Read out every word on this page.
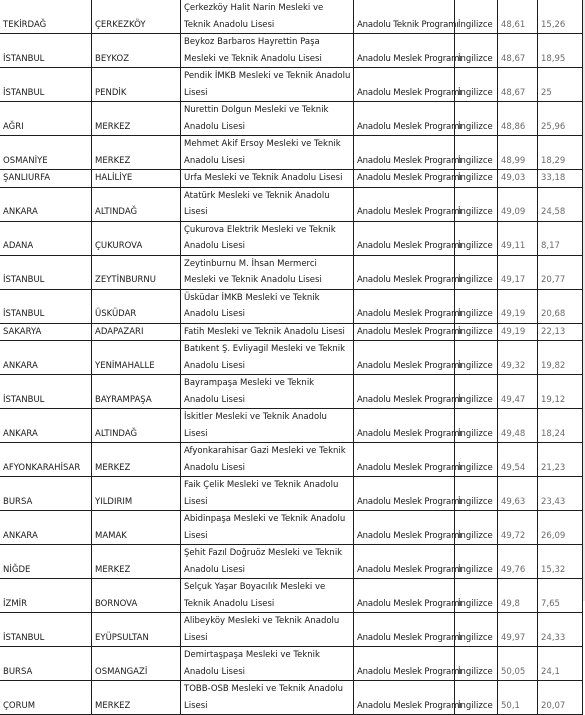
TEKİRDAĞ	ÇERKEZKÖY	Çerkezköy Halit Narin Mesleki ve Teknik Anadolu Lisesi	Anadolu Teknik Programı	İngilizce	48,61	15,26
İSTANBUL	BEYKOZ	Beykoz Barbaros Hayrettin Paşa Mesleki ve Teknik Anadolu Lisesi	Anadolu Meslek Programı	İngilizce	48,67	18,95
İSTANBUL	PENDİK	Pendik İMKB Mesleki ve Teknik Anadolu Lisesi	Anadolu Meslek Programı	İngilizce	48,67	25
AĞRI	MERKEZ	Nurettin Dolgun Mesleki ve Teknik Anadolu Lisesi	Anadolu Meslek Programı	İngilizce	48,86	25,96
OSMANİYE	MERKEZ	Mehmet Akif Ersoy Mesleki ve Teknik Anadolu Lisesi	Anadolu Meslek Programı	İngilizce	48,99	18,29
ŞANLIURFA	HALİLİYE	Urfa Mesleki ve Teknik Anadolu Lisesi	Anadolu Meslek Programı	İngilizce	49,03	33,18
ANKARA	ALTINDAĞ	Atatürk Mesleki ve Teknik Anadolu Lisesi	Anadolu Meslek Programı	İngilizce	49,09	24,58
ADANA	ÇUKUROVA	Çukurova Elektrik Mesleki ve Teknik Anadolu Lisesi	Anadolu Meslek Programı	İngilizce	49,11	8,17
İSTANBUL	ZEYTİNBURNU	Zeytinburnu M. İhsan Mermerci Mesleki ve Teknik Anadolu Lisesi	Anadolu Meslek Programı	İngilizce	49,17	20,77
İSTANBUL	ÜSKÜDAR	Üsküdar İMKB Mesleki ve Teknik Anadolu Lisesi	Anadolu Meslek Programı	İngilizce	49,19	20,68
SAKARYA	ADAPAZARI	Fatih Mesleki ve Teknik Anadolu Lisesi	Anadolu Meslek Programı	İngilizce	49,19	22,13
ANKARA	YENİMAHALLE	Batıkent Ş. Evliyagil Mesleki ve Teknik Anadolu Lisesi	Anadolu Meslek Programı	İngilizce	49,32	19,82
İSTANBUL	BAYRAMPAŞA	Bayrampaşa Mesleki ve Teknik Anadolu Lisesi	Anadolu Meslek Programı	İngilizce	49,47	19,12
ANKARA	ALTINDAĞ	İskitler Mesleki ve Teknik Anadolu Lisesi	Anadolu Meslek Programı	İngilizce	49,48	18,24
AFYONKARAHİSAR	MERKEZ	Afyonkarahisar Gazi Mesleki ve Teknik Anadolu Lisesi	Anadolu Meslek Programı	İngilizce	49,54	21,23
BURSA	YILDIRIM	Faik Çelik Mesleki ve Teknik Anadolu Lisesi	Anadolu Meslek Programı	İngilizce	49,63	23,43
ANKARA	MAMAK	Abidinpaşa Mesleki ve Teknik Anadolu Lisesi	Anadolu Meslek Programı	İngilizce	49,72	26,09
NİĞDE	MERKEZ	Şehit Fazıl Doğruöz Mesleki ve Teknik Anadolu Lisesi	Anadolu Meslek Programı	İngilizce	49,76	15,32
İZMİR	BORNOVA	Selçuk Yaşar Boyacılık Mesleki ve Teknik Anadolu Lisesi	Anadolu Meslek Programı	İngilizce	49,8	7,65
İSTANBUL	EYÜPSULTAN	Alibeyköy Mesleki ve Teknik Anadolu Lisesi	Anadolu Meslek Programı	İngilizce	49,97	24,33
BURSA	OSMANGAZİ	Demirtaşpaşa Mesleki ve Teknik Anadolu Lisesi	Anadolu Meslek Programı	İngilizce	50,05	24,1
ÇORUM	MERKEZ	TOBB-OSB Mesleki ve Teknik Anadolu Lisesi	Anadolu Meslek Programı	İngilizce	50,1	20,07
